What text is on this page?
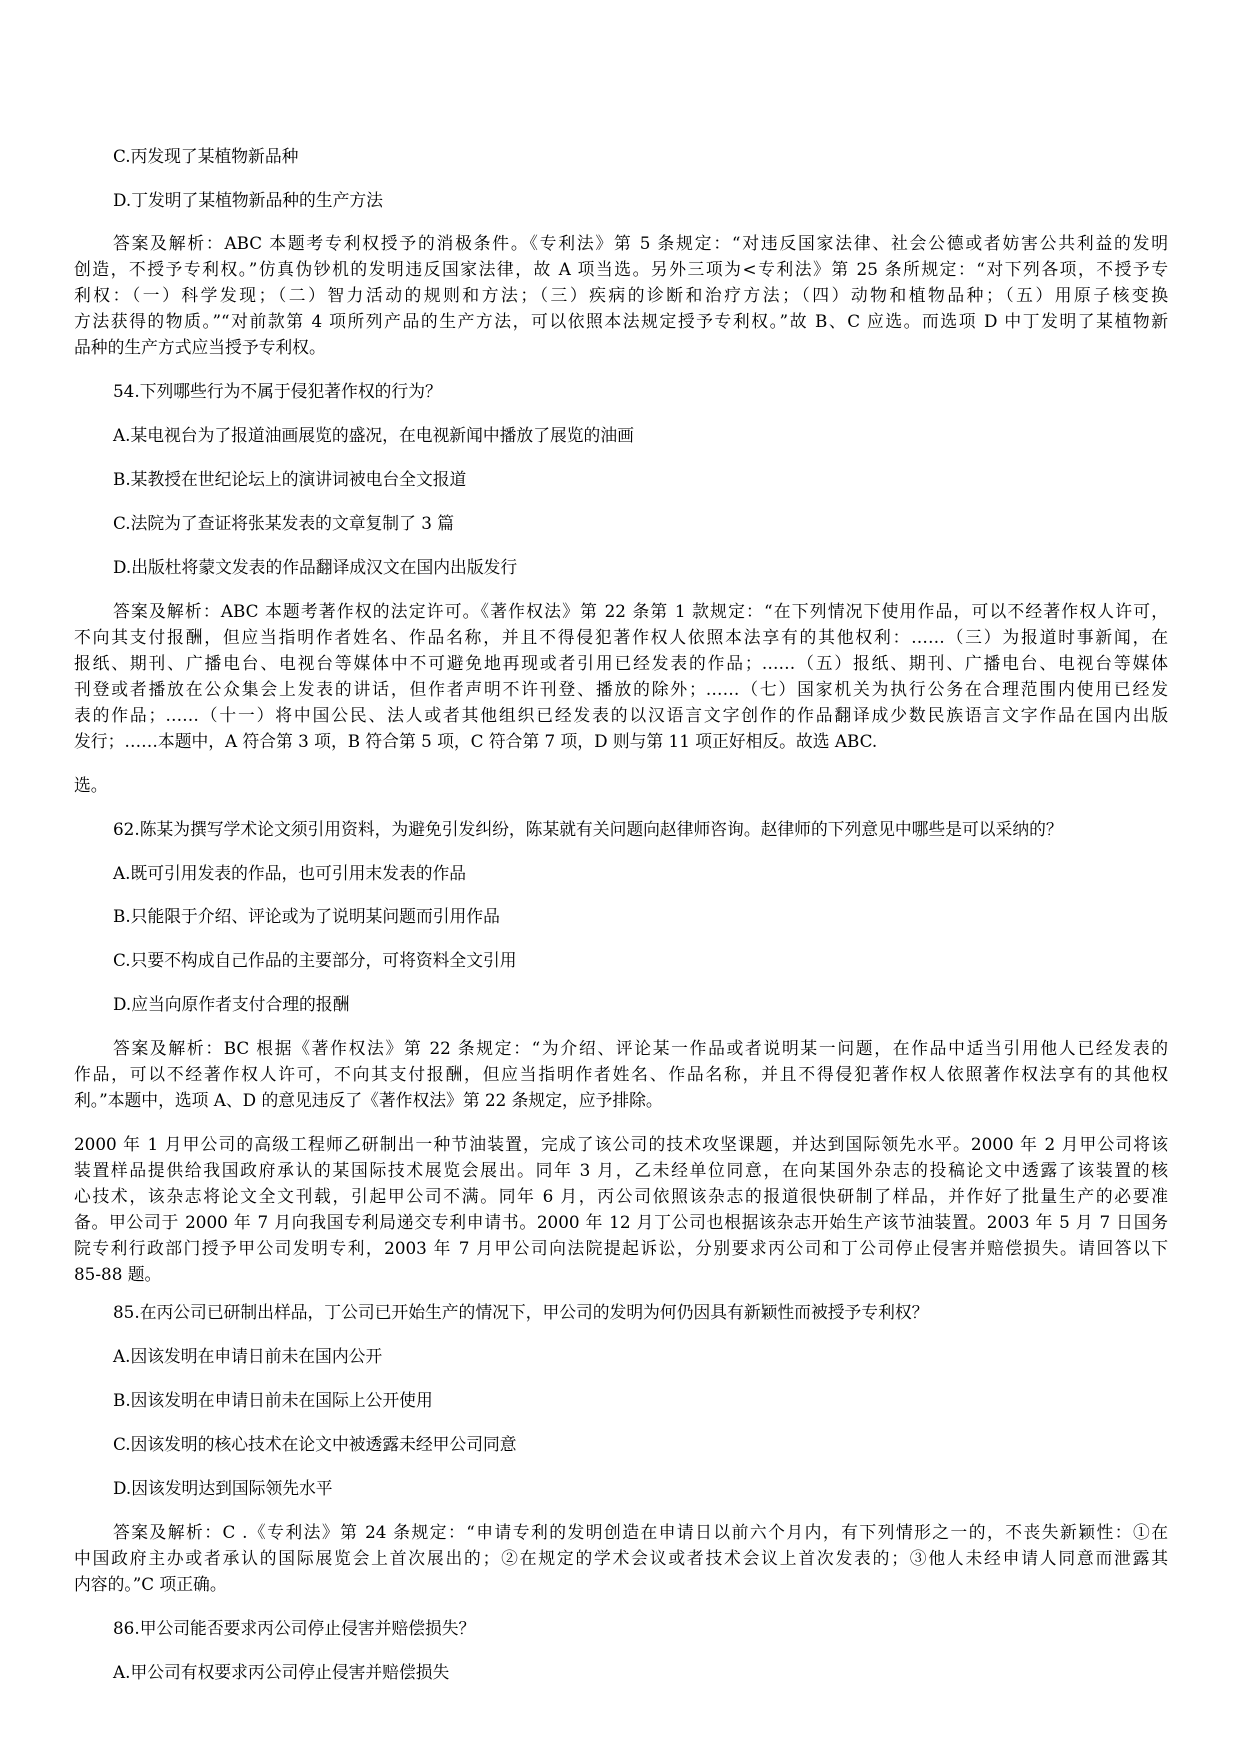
C.丙发现了某植物新品种
D.丁发明了某植物新品种的生产方法
答案及解析：ABC 本题考专利权授予的消极条件。《专利法》第 5 条规定：“对违反国家法律、社会公德或者妨害公共利益的发明
创造，不授予专利权。”仿真伪钞机的发明违反国家法律，故 A 项当选。另外三项为<专利法》第 25 条所规定：“对下列各项，不授予专
利权：（一）科学发现；（二）智力活动的规则和方法；（三）疾病的诊断和治疗方法；（四）动物和植物品种；（五）用原子核变换
方法获得的物质。”“对前款第 4 项所列产品的生产方法，可以依照本法规定授予专利权。”故 B、C 应选。而选项 D 中丁发明了某植物新
品种的生产方式应当授予专利权。
54.下列哪些行为不属于侵犯著作权的行为？
A.某电视台为了报道油画展览的盛况，在电视新闻中播放了展览的油画
B.某教授在世纪论坛上的演讲词被电台全文报道
C.法院为了查证将张某发表的文章复制了 3 篇
D.出版杜将蒙文发表的作品翻译成汉文在国内出版发行
答案及解析：ABC 本题考著作权的法定许可。《著作权法》第 22 条第 1 款规定：“在下列情况下使用作品，可以不经著作权人许可，
不向其支付报酬，但应当指明作者姓名、作品名称，并且不得侵犯著作权人依照本法享有的其他权利：……（三）为报道时事新闻，在
报纸、期刊、广播电台、电视台等媒体中不可避免地再现或者引用已经发表的作品；……（五）报纸、期刊、广播电台、电视台等媒体
刊登或者播放在公众集会上发表的讲话，但作者声明不许刊登、播放的除外；……（七）国家机关为执行公务在合理范围内使用已经发
表的作品；……（十一）将中国公民、法人或者其他组织已经发表的以汉语言文字创作的作品翻译成少数民族语言文字作品在国内出版
发行；……本题中，A 符合第 3 项，B 符合第 5 项，C 符合第 7 项，D 则与第 11 项正好相反。故选 ABC.
选。
62.陈某为撰写学术论文须引用资料，为避免引发纠纷，陈某就有关问题向赵律师咨询。赵律师的下列意见中哪些是可以采纳的？
A.既可引用发表的作品，也可引用末发表的作品
B.只能限于介绍、评论或为了说明某问题而引用作品
C.只要不构成自己作品的主要部分，可将资料全文引用
D.应当向原作者支付合理的报酬
答案及解析：BC 根据《著作权法》第 22 条规定：“为介绍、评论某一作品或者说明某一问题，在作品中适当引用他人已经发表的
作品，可以不经著作权人许可，不向其支付报酬，但应当指明作者姓名、作品名称，并且不得侵犯著作权人依照著作权法享有的其他权
利。”本题中，选项 A、D 的意见违反了《著作权法》第 22 条规定，应予排除。
2000 年 1 月甲公司的高级工程师乙研制出一种节油装置，完成了该公司的技术攻坚课题，并达到国际领先水平。2000 年 2 月甲公司将该
装置样品提供给我国政府承认的某国际技术展览会展出。同年 3 月，乙未经单位同意，在向某国外杂志的投稿论文中透露了该装置的核
心技术，该杂志将论文全文刊载，引起甲公司不满。同年 6 月，丙公司依照该杂志的报道很快研制了样品，并作好了批量生产的必要准
备。甲公司于 2000 年 7 月向我国专利局递交专利申请书。2000 年 12 月丁公司也根据该杂志开始生产该节油装置。2003 年 5 月 7 日国务
院专利行政部门授予甲公司发明专利，2003 年 7 月甲公司向法院提起诉讼，分别要求丙公司和丁公司停止侵害并赔偿损失。请回答以下
85-88 题。
85.在丙公司已研制出样品，丁公司已开始生产的情况下，甲公司的发明为何仍因具有新颖性而被授予专利权？
A.因该发明在申请日前未在国内公开
B.因该发明在申请日前未在国际上公开使用
C.因该发明的核心技术在论文中被透露未经甲公司同意
D.因该发明达到国际领先水平
答案及解析：C .《专利法》第 24 条规定：“申请专利的发明创造在申请日以前六个月内，有下列情形之一的，不丧失新颖性：①在
中国政府主办或者承认的国际展览会上首次展出的；②在规定的学术会议或者技术会议上首次发表的；③他人未经申请人同意而泄露其
内容的。”C 项正确。
86.甲公司能否要求丙公司停止侵害并赔偿损失？
A.甲公司有权要求丙公司停止侵害并赔偿损失
